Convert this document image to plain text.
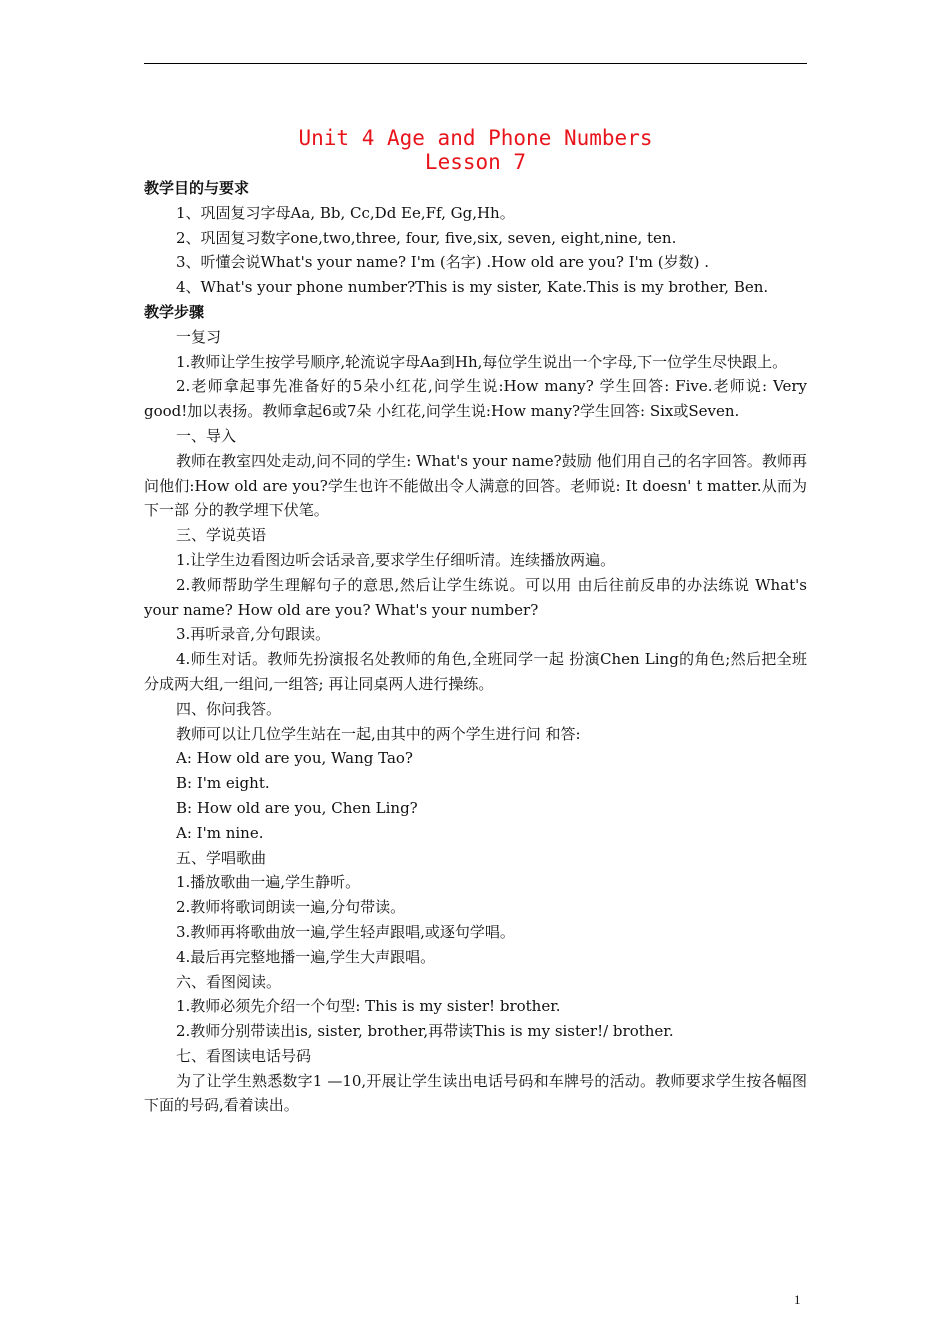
Unit 4 Age and Phone Numbers
Lesson 7

教学目的与要求

1、巩固复习字母Aa, Bb, Cc,Dd Ee,Ff, Gg,Hh。

2、巩固复习数字one,two,three, four, five,six, seven, eight,nine, ten.

3、听懂会说What's your name? I'm (名字) .How old are you? I'm (岁数) .

4、What's your phone number?This is my sister, Kate.This is my brother, Ben.

教学步骤

一复习

1.教师让学生按学号顺序,轮流说字母Aa到Hh,每位学生说出一个字母,下一位学生尽快跟上。

2.老师拿起事先准备好的5朵小红花,问学生说:How many? 学生回答: Five.老师说: Very good!加以表扬。教师拿起6或7朵 小红花,问学生说:How many?学生回答: Six或Seven.

一、导入

教师在教室四处走动,问不同的学生: What's your name?鼓励 他们用自己的名字回答。教师再问他们:How old are you?学生也许不能做出令人满意的回答。老师说: It doesn' t matter.从而为下一部 分的教学埋下伏笔。

三、学说英语

1.让学生边看图边听会话录音,要求学生仔细听清。连续播放两遍。

2.教师帮助学生理解句子的意思,然后让学生练说。可以用 由后往前反串的办法练说 What's your name? How old are you? What's your number?

3.再听录音,分句跟读。

4.师生对话。教师先扮演报名处教师的角色,全班同学一起 扮演Chen Ling的角色;然后把全班分成两大组,一组问,一组答; 再让同桌两人进行操练。

四、你问我答。

教师可以让几位学生站在一起,由其中的两个学生进行问 和答:

A: How old are you, Wang Tao?

B: I'm eight.

B: How old are you, Chen Ling?

A: I'm nine.

五、学唱歌曲

1.播放歌曲一遍,学生静听。

2.教师将歌词朗读一遍,分句带读。

3.教师再将歌曲放一遍,学生轻声跟唱,或逐句学唱。

4.最后再完整地播一遍,学生大声跟唱。

六、看图阅读。

1.教师必须先介绍一个句型: This is my sister! brother.

2.教师分别带读出is, sister, brother,再带读This is my sister!/ brother.

七、看图读电话号码

为了让学生熟悉数字1 —10,开展让学生读出电话号码和车牌号的活动。教师要求学生按各幅图下面的号码,看着读出。

1
